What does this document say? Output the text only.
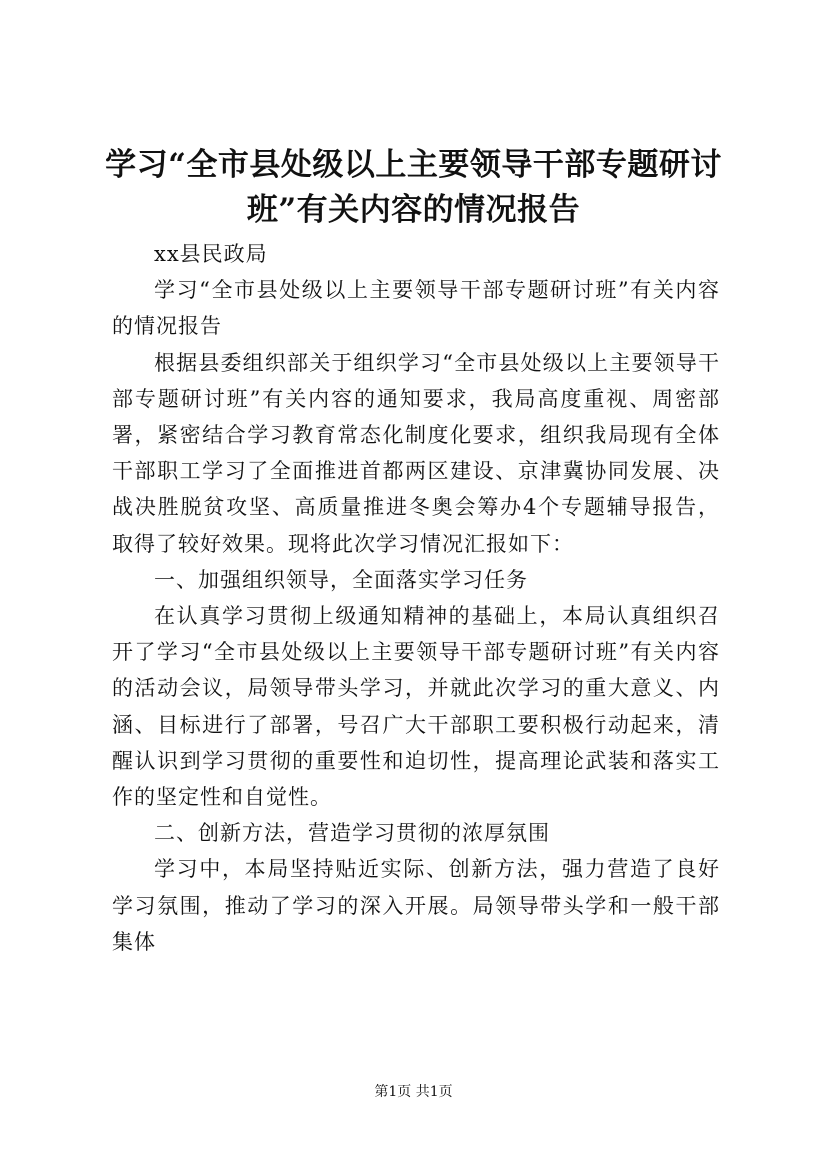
学习“全市县处级以上主要领导干部专题研讨
班”有关内容的情况报告

xx县民政局

学习“全市县处级以上主要领导干部专题研讨班”有关内容的情况报告

根据县委组织部关于组织学习“全市县处级以上主要领导干部专题研讨班”有关内容的通知要求，我局高度重视、周密部署，紧密结合学习教育常态化制度化要求，组织我局现有全体干部职工学习了全面推进首都两区建设、京津冀协同发展、决战决胜脱贫攻坚、高质量推进冬奥会筹办4个专题辅导报告，取得了较好效果。现将此次学习情况汇报如下：

一、加强组织领导，全面落实学习任务

在认真学习贯彻上级通知精神的基础上，本局认真组织召开了学习“全市县处级以上主要领导干部专题研讨班”有关内容的活动会议，局领导带头学习，并就此次学习的重大意义、内涵、目标进行了部署，号召广大干部职工要积极行动起来，清醒认识到学习贯彻的重要性和迫切性，提高理论武装和落实工作的坚定性和自觉性。

二、创新方法，营造学习贯彻的浓厚氛围

学习中，本局坚持贴近实际、创新方法，强力营造了良好学习氛围，推动了学习的深入开展。局领导带头学和一般干部集体

第1页 共1页
